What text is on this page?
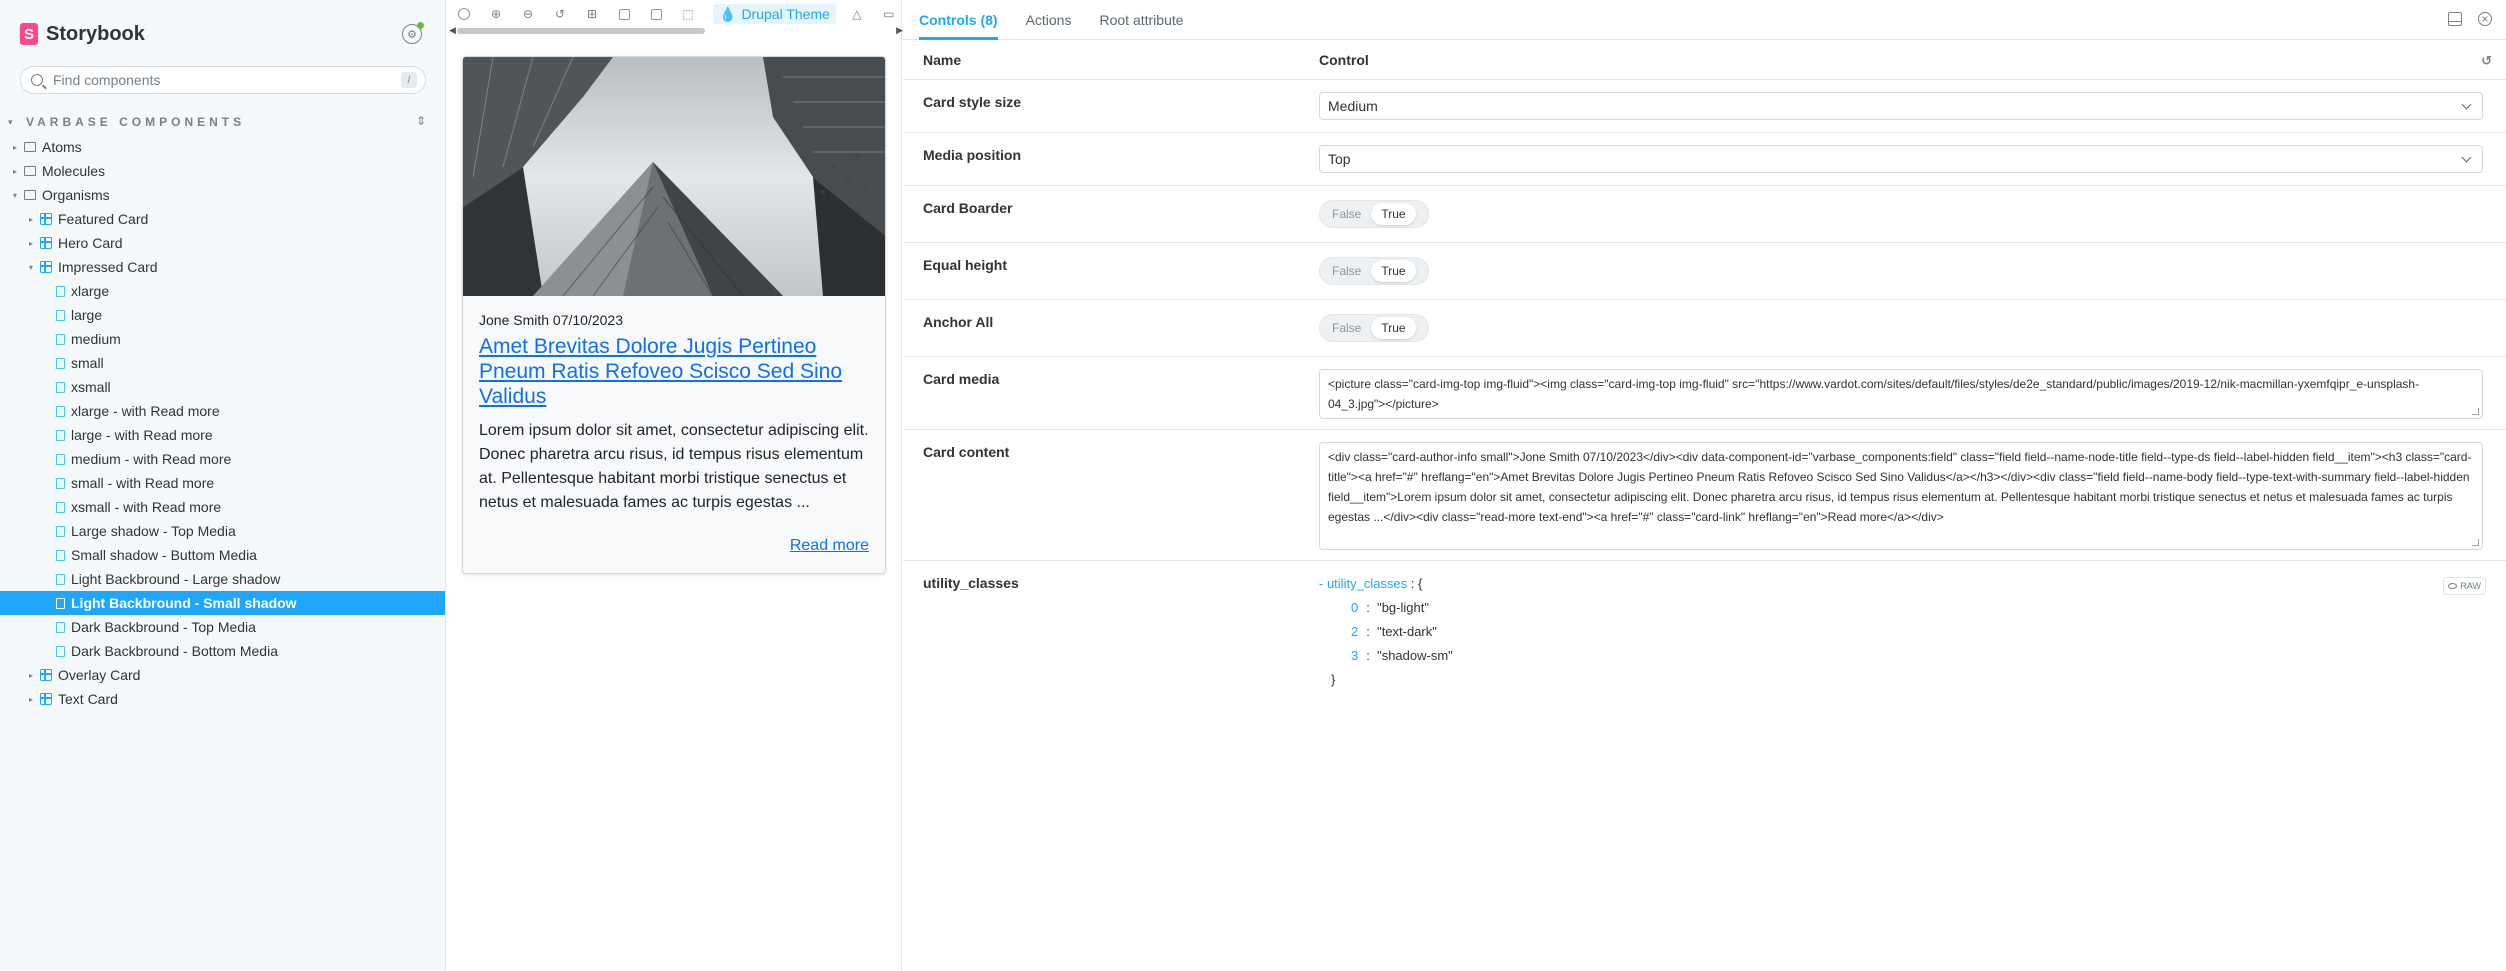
S Storybook	⚙
Find components
/
▾	VARBASE COMPONENTS	⇕
▸ Atoms
▸ Molecules
▾ Organisms
▸ Featured Card
▸ Hero Card
▾ Impressed Card
xlarge
large
medium
small
xsmall
xlarge - with Read more
large - with Read more
medium - with Read more
small - with Read more
xsmall - with Read more
Large shadow - Top Media
Small shadow - Buttom Media
Light Backbround - Large shadow
Light Backbround - Small shadow
Dark Backbround - Top Media
Dark Backbround - Bottom Media
▸ Overlay Card
▸ Text Card
⊕ ⊖ ↺ ⊞	⬚ 💧 Drupal Theme △ ▭
◀	▶
Jone Smith 07/10/2023
Amet Brevitas Dolore Jugis Pertineo Pneum Ratis Refoveo Scisco Sed Sino Validus
Lorem ipsum dolor sit amet, consectetur adipiscing elit. Donec pharetra arcu risus, id tempus risus elementum at. Pellentesque habitant morbi tristique senectus et netus et malesuada fames ac turpis egestas ...
Read more
Controls (8) Actions Root attribute	✕
Name	Control	↺
Card style size	Medium
Media position	Top
Card Boarder	False	True
Equal height	False	True
Anchor All	False	True
Card media	<picture class="card-img-top img-fluid"><img class="card-img-top img-fluid" src="https://www.vardot.com/sites/default/files/styles/de2e_standard/public/images/2019-12/nik-macmillan-yxemfqipr_e-unsplash-04_3.jpg"></picture>
Card content	<div class="card-author-info small">Jone Smith 07/10/2023</div><div data-component-id="varbase_components:field" class="field field--name-node-title field--type-ds field--label-hidden field__item"><h3 class="card-title"><a href="#" hreflang="en">Amet Brevitas Dolore Jugis Pertineo Pneum Ratis Refoveo Scisco Sed Sino Validus</a></h3></div><div class="field field--name-body field--type-text-with-summary field--label-hidden field__item">Lorem ipsum dolor sit amet, consectetur adipiscing elit. Donec pharetra arcu risus, id tempus risus elementum at. Pellentesque habitant morbi tristique senectus et netus et malesuada fames ac turpis egestas ...</div><div class="read-more text-end"><a href="#" class="card-link" hreflang="en">Read more</a></div>
utility_classes	- utility_classes : {
0 : "bg-light"
2 : "text-dark"
3 : "shadow-sm"
}
RAW
